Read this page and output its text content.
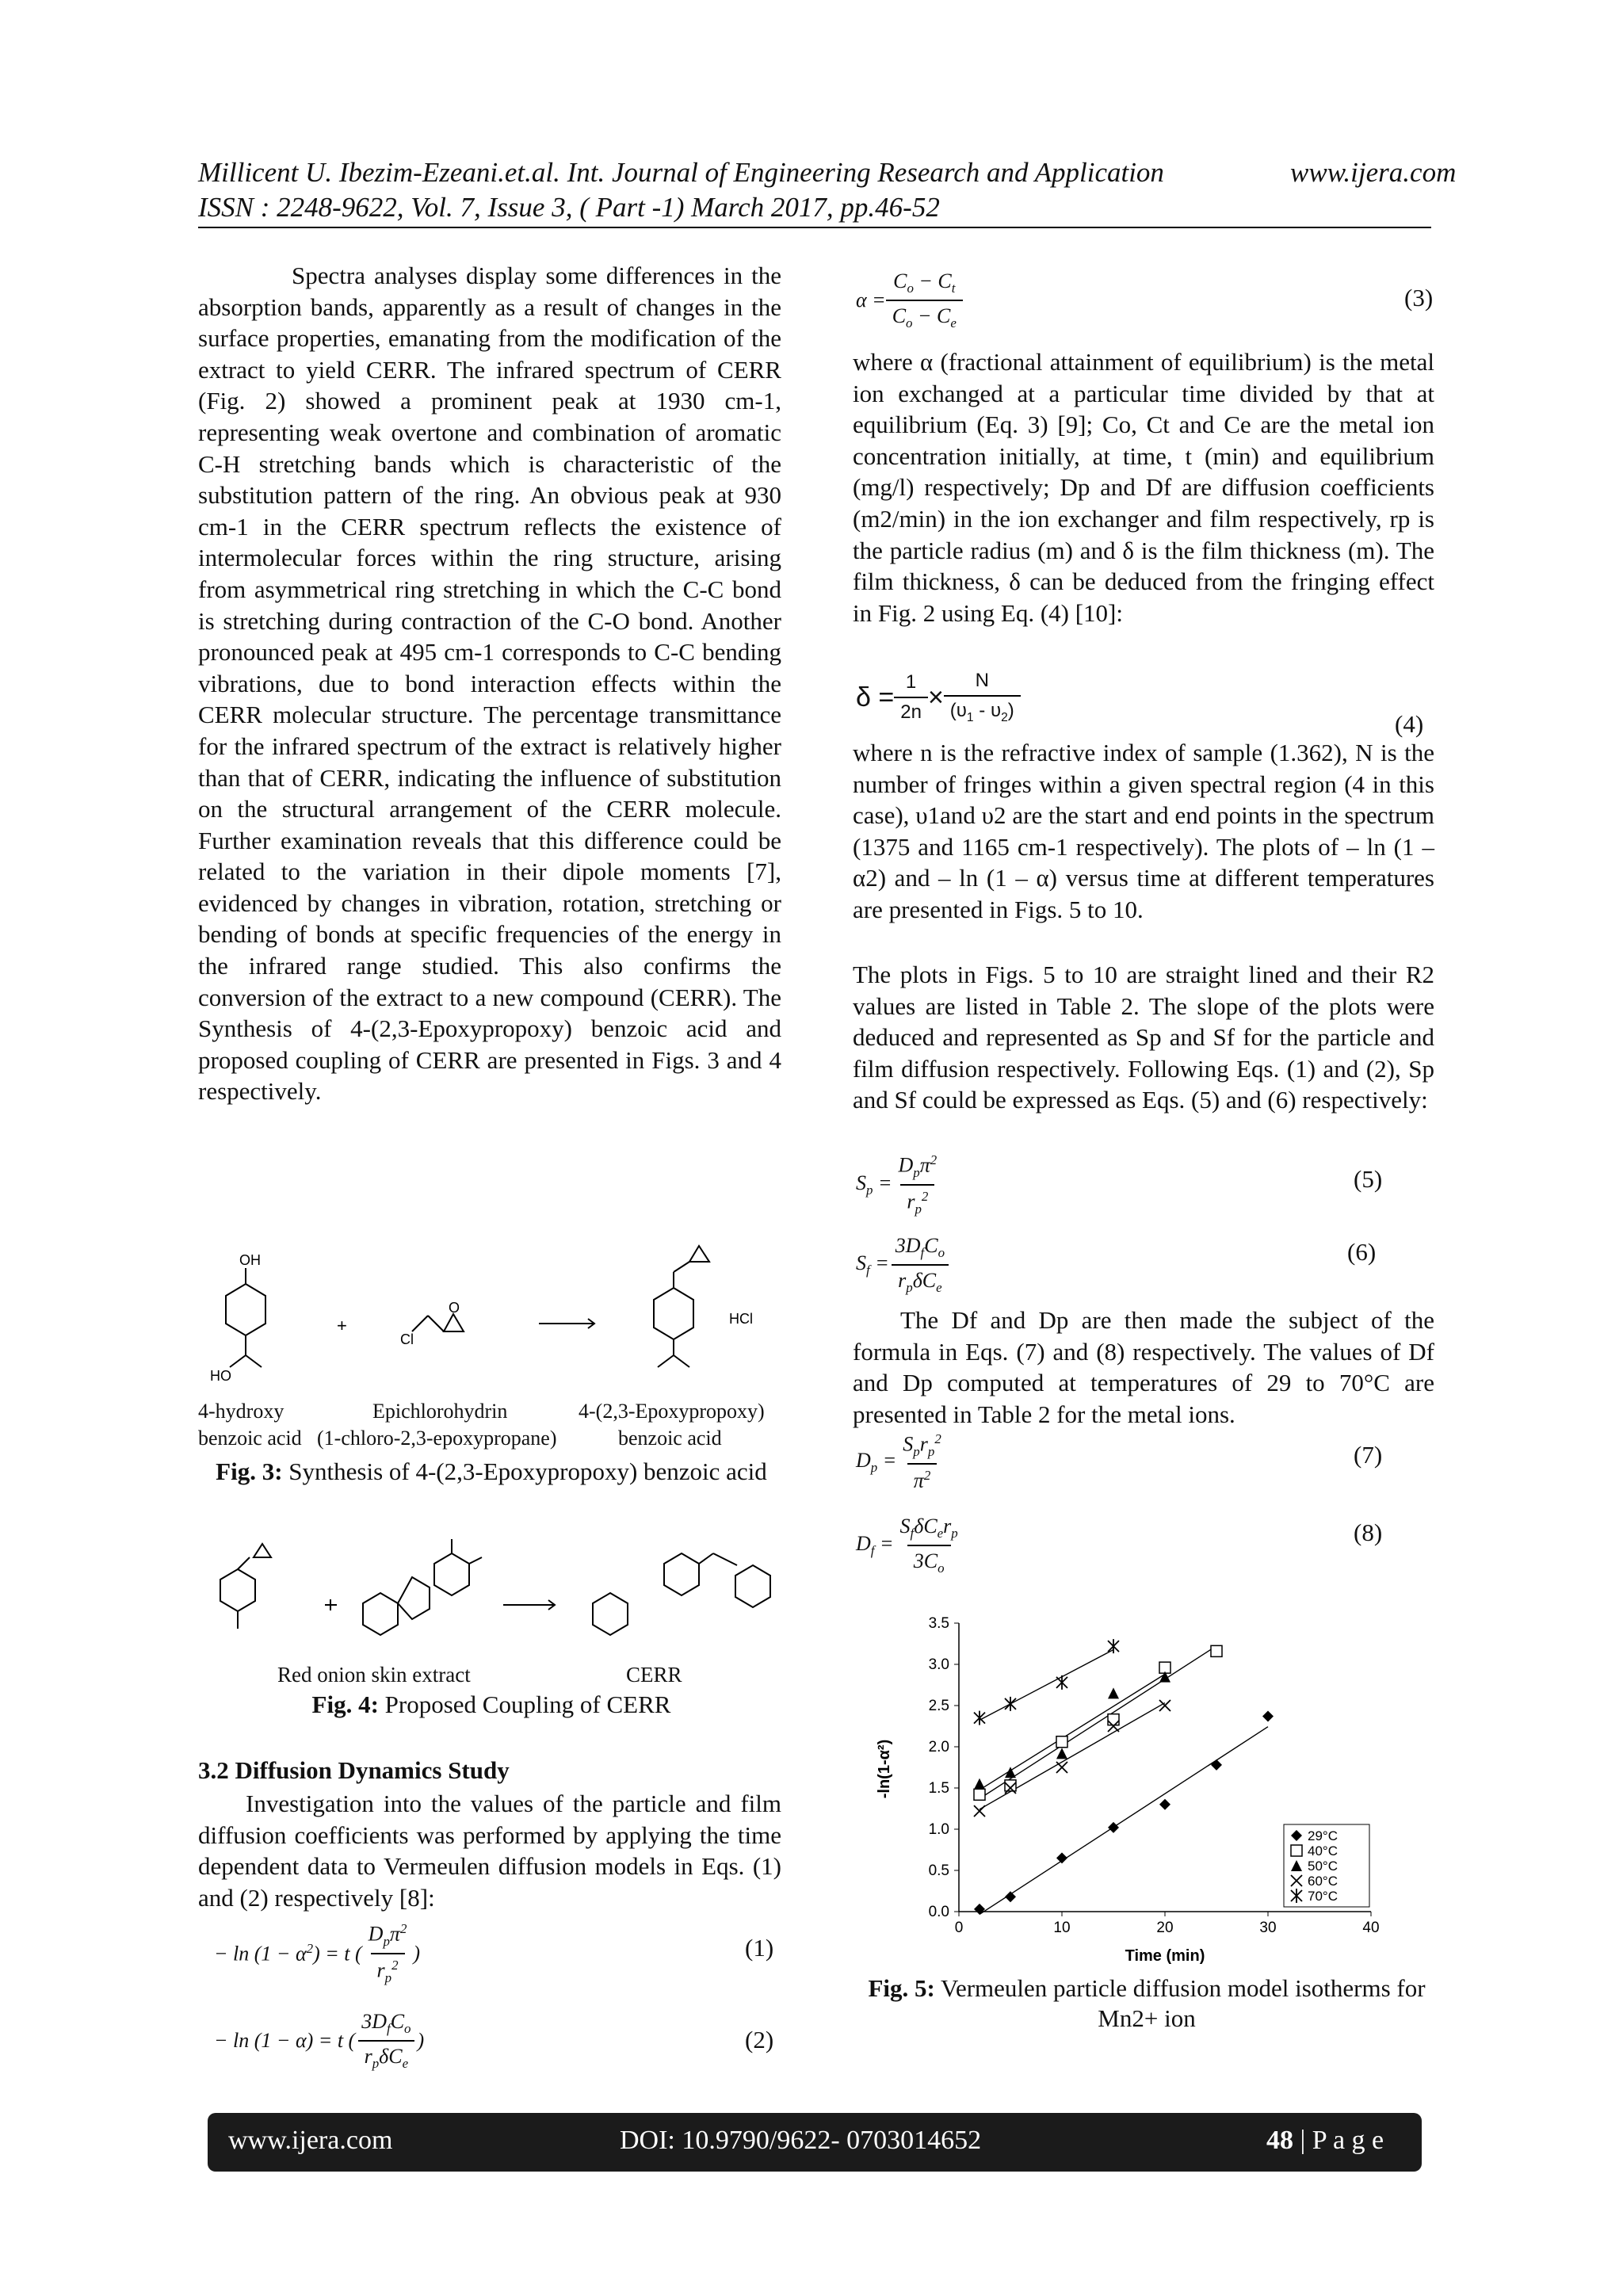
Millicent U. Ibezim-Ezeani.et.al. Int. Journal of Engineering Research and Application	www.ijera.com
ISSN : 2248-9622, Vol. 7, Issue 3, ( Part -1) March 2017, pp.46-52

Spectra analyses display some differences in the absorption bands, apparently as a result of changes in the surface properties, emanating from the modification of the extract to yield CERR. The infrared spectrum of CERR (Fig. 2) showed a prominent peak at 1930 cm-1, representing weak overtone and combination of aromatic C-H stretching bands which is characteristic of the substitution pattern of the ring. An obvious peak at 930 cm-1 in the CERR spectrum reflects the existence of intermolecular forces within the ring structure, arising from asymmetrical ring stretching in which the C-C bond is stretching during contraction of the C-O bond. Another pronounced peak at 495 cm-1 corresponds to C-C bending vibrations, due to bond interaction effects within the CERR molecular structure. The percentage transmittance for the infrared spectrum of the extract is relatively higher than that of CERR, indicating the influence of substitution on the structural arrangement of the CERR molecule. Further examination reveals that this difference could be related to the variation in their dipole moments [7], evidenced by changes in vibration, rotation, stretching or bending of bonds at specific frequencies of the energy in the infrared range studied. This also confirms the conversion of the extract to a new compound (CERR). The Synthesis of 4-(2,3-Epoxypropoxy) benzoic acid and proposed coupling of CERR are presented in Figs. 3 and 4 respectively.

OH
+
Cl
O
HO
HCl
4-hydroxy
benzoic acid
Epichlorohydrin
(1-chloro-2,3-epoxypropane)
4-(2,3-Epoxypropoxy)
benzoic acid
Fig. 3: Synthesis of 4-(2,3-Epoxypropoxy) benzoic acid
Red onion skin extract	CERR
Fig. 4: Proposed Coupling of CERR
3.2 Diffusion Dynamics Study

Investigation into the values of the particle and film diffusion coefficients was performed by applying the time dependent data to Vermeulen diffusion models in Eqs. (1) and (2) respectively [8]:

− $\ln (1 - \alpha^2) = t$ ( $\frac{D_p\pi^2}{r_p^2}$ )	(1)
− ln (1 − α) = t ( $\frac{3D_fC_o}{r_p\delta C_e}$ )	(2)
$\alpha = \frac{C_o - C_t}{C_o - C_e}$	(3)

where α (fractional attainment of equilibrium) is the metal ion exchanged at a particular time divided by that at equilibrium (Eq. 3) [9]; Co, Ct and Ce are the metal ion concentration initially, at time, t (min) and equilibrium (mg/l) respectively; Dp and Df are diffusion coefficients (m2/min) in the ion exchanger and film respectively, rp is the particle radius (m) and δ is the film thickness (m). The film thickness, δ can be deduced from the fringing effect in Fig. 2 using Eq. (4) [10]:

$\delta = \frac{1}{2n} \times \frac{N}{(\upsilon_1 - \upsilon_2)}$	(4)

where n is the refractive index of sample (1.362), N is the number of fringes within a given spectral region (4 in this case), υ1and υ2 are the start and end points in the spectrum (1375 and 1165 cm-1 respectively). The plots of – ln (1 – α2) and – ln (1 – α) versus time at different temperatures are presented in Figs. 5 to 10.

The plots in Figs. 5 to 10 are straight lined and their R2 values are listed in Table 2. The slope of the plots were deduced and represented as Sp and Sf for the particle and film diffusion respectively. Following Eqs. (1) and (2), Sp and Sf could be expressed as Eqs. (5) and (6) respectively:

$S_p = \frac{D_p\pi^2}{r_p^2}$	(5)
$S_f = \frac{3D_fC_o}{r_p\delta C_e}$	(6)

The Df and Dp are then made the subject of the formula in Eqs. (7) and (8) respectively. The values of Df and Dp computed at temperatures of 29 to 70°C are presented in Table 2 for the metal ions.

$D_p = \frac{S_pr_p^2}{\pi^2}$	(7)
$D_f = \frac{S_f\delta C_er_p}{3C_o}$	(8)
0	10	20	30	40
0.0
0.5
1.0
1.5
2.0
2.5
3.0
3.5
Time (min)
-ln(1-α²)
29°C
40°C
50°C
60°C
70°C
Fig. 5: Vermeulen particle diffusion model isotherms for Mn2+ ion
www.ijera.com	DOI: 10.9790/9622- 0703014652	48 | P a g e
